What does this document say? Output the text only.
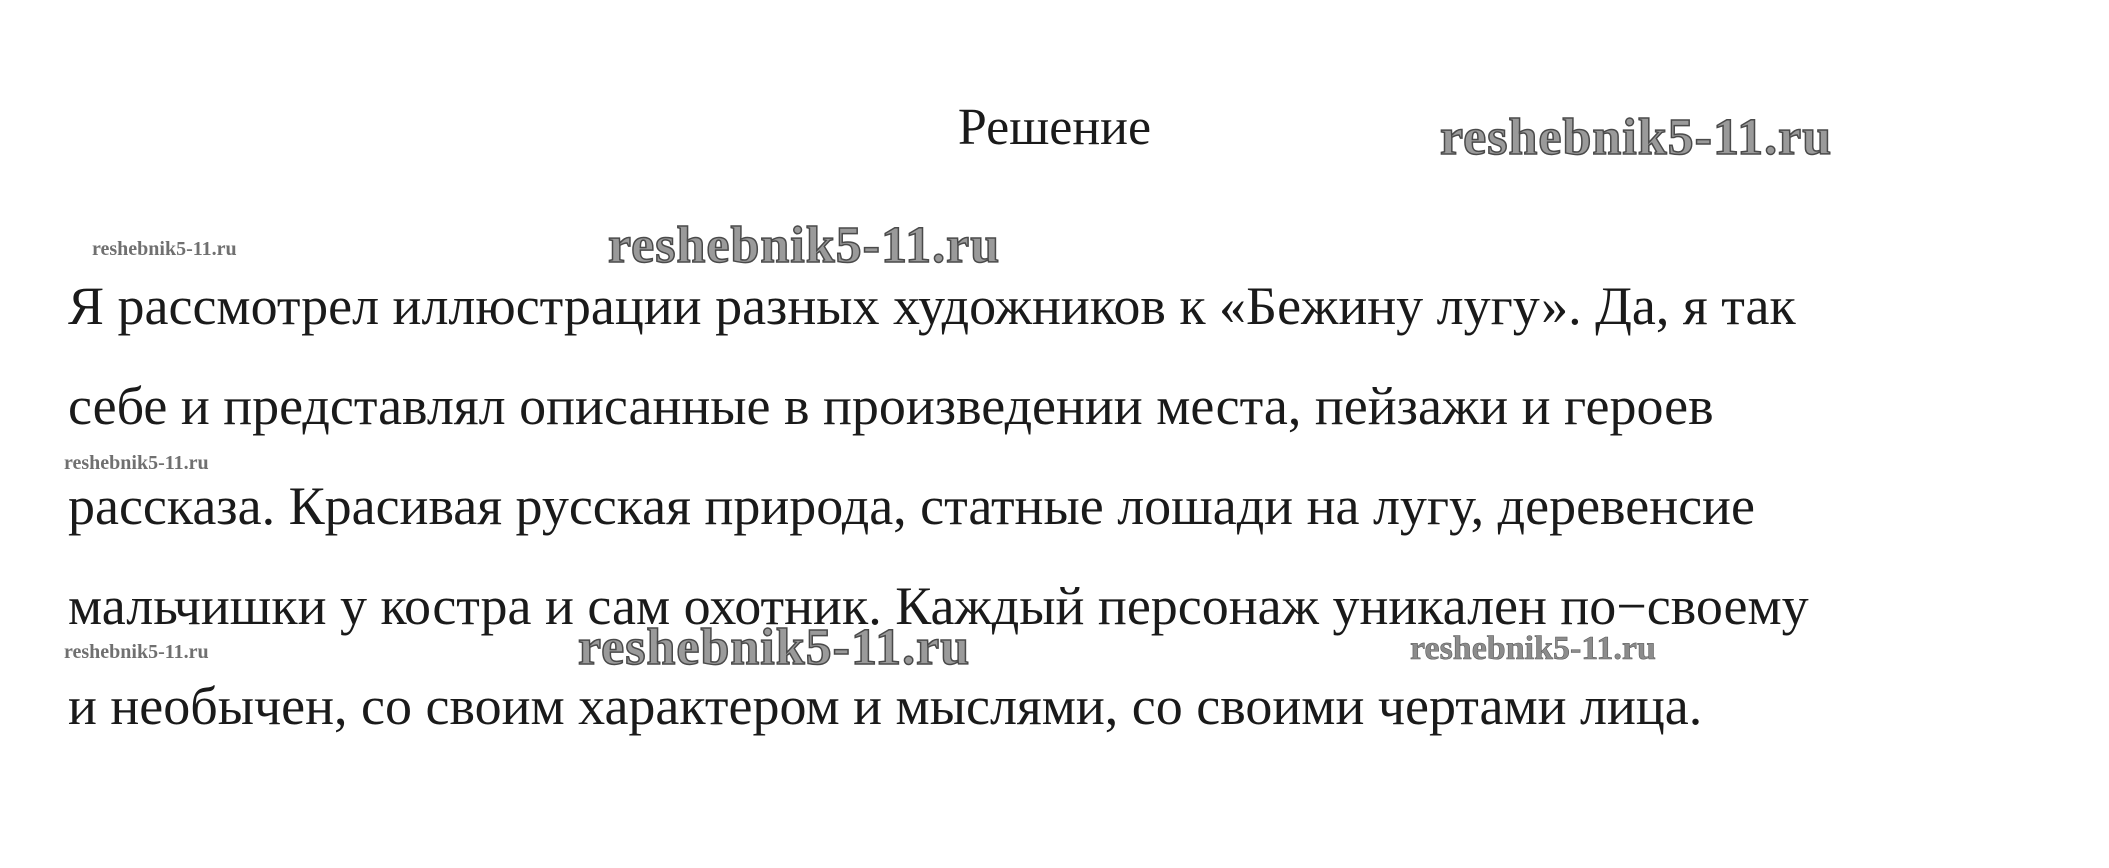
reshebnik5-11.ru
Решение
reshebnik5-11.ru	reshebnik5-11.ru
reshebnik5-11.ru
reshebnik5-11.ru	reshebnik5-11.ru	reshebnik5-11.ru
Я рассмотрел иллюстрации разных художников к «Бежину лугу». Да, я так
себе и представлял описанные в произведении места, пейзажи и героев
рассказа. Красивая русская природа, статные лошади на лугу, деревенсие
мальчишки у костра и сам охотник. Каждый персонаж уникален по−своему
и необычен, со своим характером и мыслями, со своими чертами лица.
